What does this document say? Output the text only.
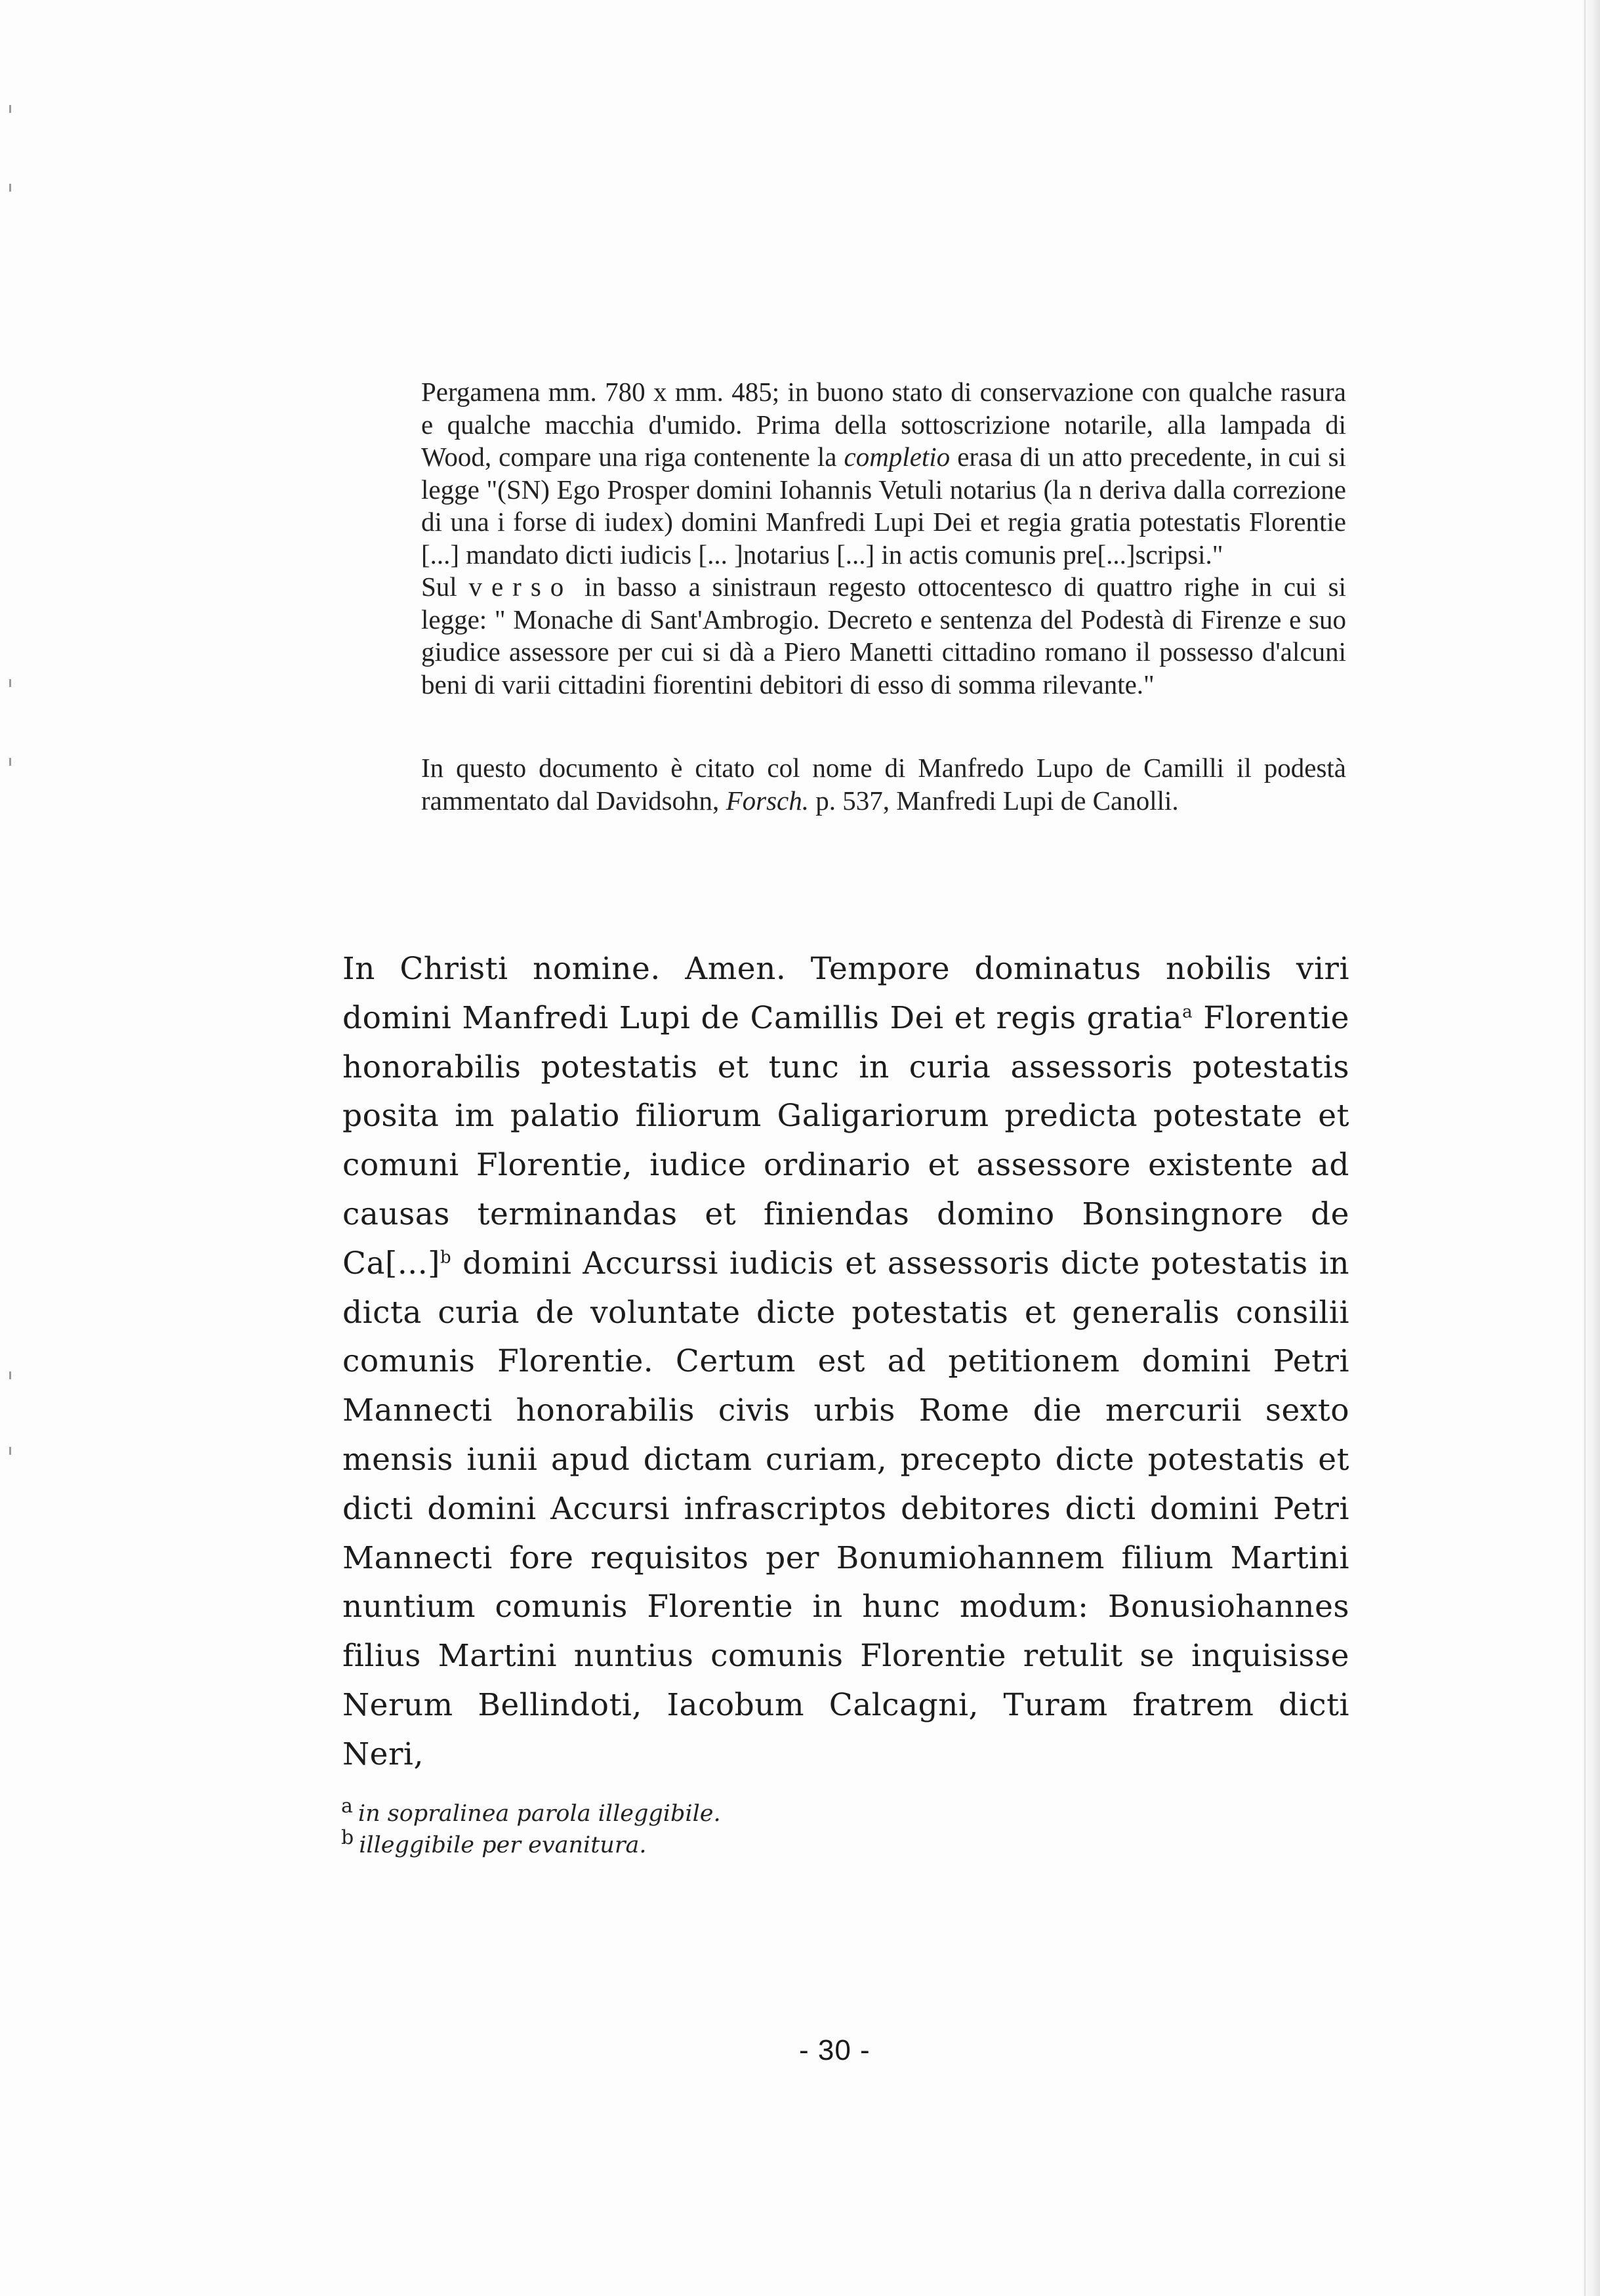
Pergamena mm. 780 x mm. 485; in buono stato di conservazione con qualche rasura e qualche macchia d'umido. Prima della sottoscrizione notarile, alla lampada di Wood, compare una riga contenente la completio erasa di un atto precedente, in cui si legge "(SN) Ego Prosper domini Iohannis Vetuli notarius (la n deriva dalla correzione di una i forse di iudex) domini Manfredi Lupi Dei et regia gratia potestatis Florentie [...] mandato dicti iudicis [... ]notarius [...] in actis comunis pre[...]scripsi."

Sul verso in basso a sinistraun regesto ottocentesco di quattro righe in cui si legge: " Monache di Sant'Ambrogio. Decreto e sentenza del Podestà di Firenze e suo giudice assessore per cui si dà a Piero Manetti cittadino romano il possesso d'alcuni beni di varii cittadini fiorentini debitori di esso di somma rilevante."

In questo documento è citato col nome di Manfredo Lupo de Camilli il podestà rammentato dal Davidsohn, Forsch. p. 537, Manfredi Lupi de Canolli.

In Christi nomine. Amen. Tempore dominatus nobilis viri domini Manfredi Lupi de Camillis Dei et regis gratia$^a$ Florentie honorabilis potestatis et tunc in curia assessoris potestatis posita im palatio filiorum Galigariorum predicta potestate et comuni Florentie, iudice ordinario et assessore existente ad causas terminandas et finiendas domino Bonsingnore de Ca[...]$^b$ domini Accurssi iudicis et assessoris dicte potestatis in dicta curia de voluntate dicte potestatis et generalis consilii comunis Florentie. Certum est ad petitionem domini Petri Mannecti honorabilis civis urbis Rome die mercurii sexto mensis iunii apud dictam curiam, precepto dicte potestatis et dicti domini Accursi infrascriptos debitores dicti domini Petri Mannecti fore requisitos per Bonumiohannem filium Martini nuntium comunis Florentie in hunc modum: Bonusiohannes filius Martini nuntius comunis Florentie retulit se inquisisse Nerum Bellindoti, Iacobum Calcagni, Turam fratrem dicti Neri,
a in sopralinea parola illeggibile.
b illeggibile per evanitura.
- 30 -
